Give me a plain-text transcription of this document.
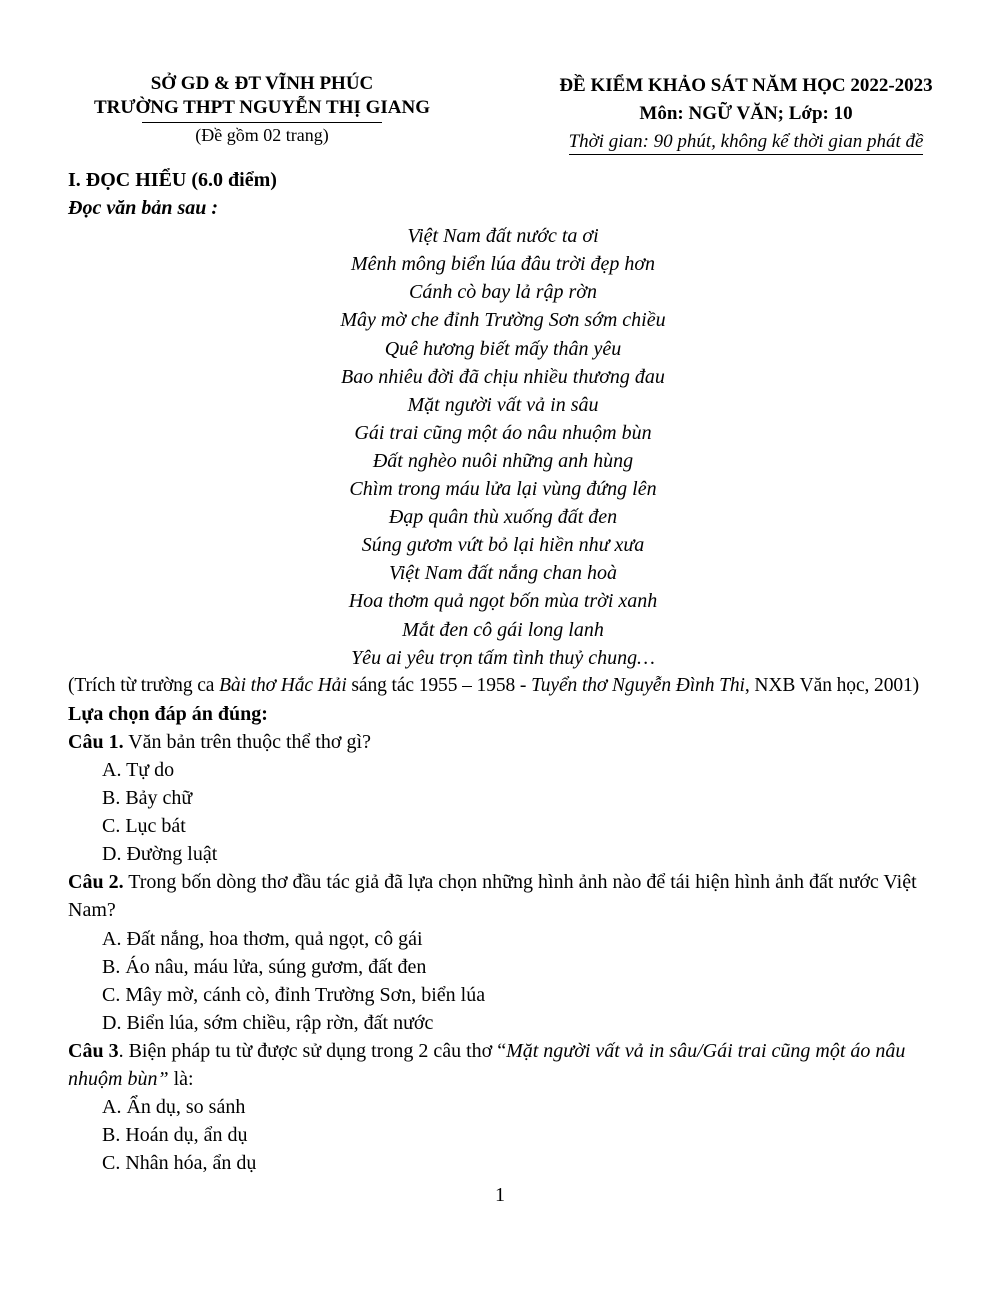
SỞ GD & ĐT VĨNH PHÚC
TRƯỜNG THPT NGUYỄN THỊ GIANG
(Đề gồm 02 trang)
ĐỀ KIỂM KHẢO SÁT NĂM HỌC 2022-2023
Môn: NGỮ VĂN; Lớp: 10
Thời gian: 90 phút, không kể thời gian phát đề
I. ĐỌC HIỂU (6.0 điểm)
Đọc văn bản sau :
Việt Nam đất nước ta ơi
Mênh mông biển lúa đâu trời đẹp hơn
Cánh cò bay lả rập rờn
Mây mờ che đỉnh Trường Sơn sớm chiều
Quê hương biết mấy thân yêu
Bao nhiêu đời đã chịu nhiều thương đau
Mặt người vất vả in sâu
Gái trai cũng một áo nâu nhuộm bùn
Đất nghèo nuôi những anh hùng
Chìm trong máu lửa lại vùng đứng lên
Đạp quân thù xuống đất đen
Súng gươm vứt bỏ lại hiền như xưa
Việt Nam đất nắng chan hoà
Hoa thơm quả ngọt bốn mùa trời xanh
Mắt đen cô gái long lanh
Yêu ai yêu trọn tấm tình thuỷ chung…
(Trích từ trường ca Bài thơ Hắc Hải sáng tác 1955 – 1958 - Tuyển thơ Nguyễn Đình Thi, NXB Văn học, 2001)
Lựa chọn đáp án đúng:
Câu 1. Văn bản trên thuộc thể thơ gì?
A. Tự do
B. Bảy chữ
C. Lục bát
D. Đường luật
Câu 2. Trong bốn dòng thơ đầu tác giả đã lựa chọn những hình ảnh nào để tái hiện hình ảnh đất nước Việt Nam?
A. Đất nắng, hoa thơm, quả ngọt, cô gái
B. Áo nâu, máu lửa, súng gươm, đất đen
C. Mây mờ, cánh cò, đỉnh Trường Sơn, biển lúa
D. Biển lúa, sớm chiều, rập rờn, đất nước
Câu 3. Biện pháp tu từ được sử dụng trong 2 câu thơ “Mặt người vất vả in sâu/Gái trai cũng một áo nâu nhuộm bùn” là:
A. Ẩn dụ, so sánh
B. Hoán dụ, ẩn dụ
C. Nhân hóa, ẩn dụ
1
